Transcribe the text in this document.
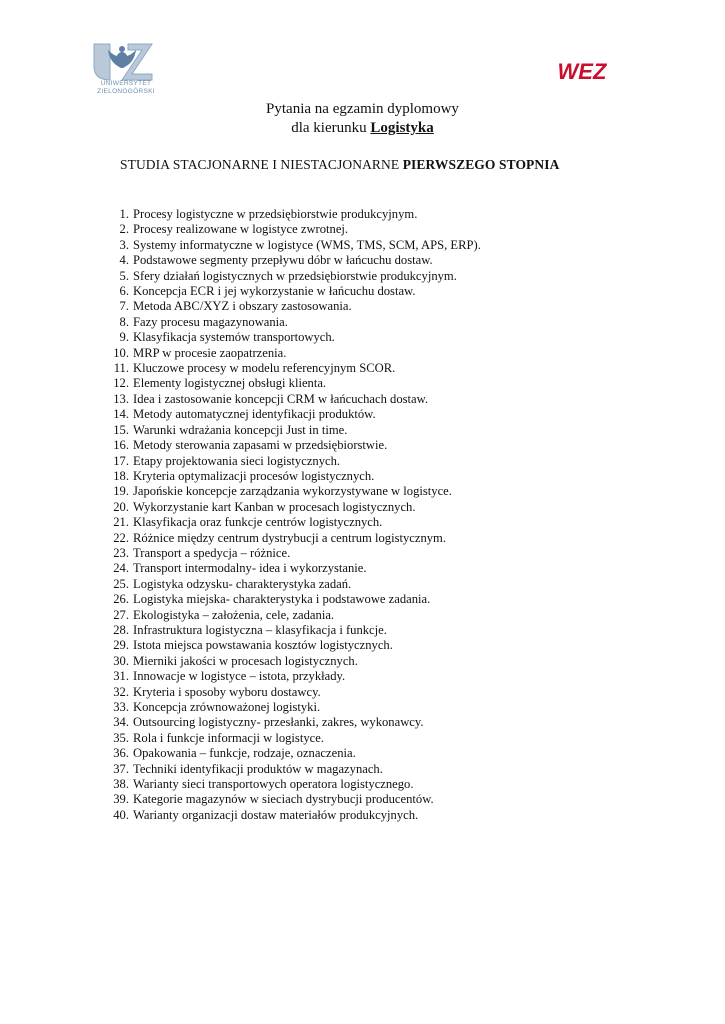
UNIWERSYTET
ZIELONOGÓRSKI
WEZ
Pytania na egzamin dyplomowy
dla kierunku Logistyka
STUDIA STACJONARNE I NIESTACJONARNE PIERWSZEGO STOPNIA
1. Procesy logistyczne w przedsiębiorstwie produkcyjnym.
2. Procesy realizowane w logistyce zwrotnej.
3. Systemy informatyczne w logistyce (WMS, TMS, SCM, APS, ERP).
4. Podstawowe segmenty przepływu dóbr w łańcuchu dostaw.
5. Sfery działań logistycznych w przedsiębiorstwie produkcyjnym.
6. Koncepcja ECR i jej wykorzystanie w łańcuchu dostaw.
7. Metoda ABC/XYZ i obszary zastosowania.
8. Fazy procesu magazynowania.
9. Klasyfikacja systemów transportowych.
10. MRP w procesie zaopatrzenia.
11. Kluczowe procesy w modelu referencyjnym SCOR.
12. Elementy logistycznej obsługi klienta.
13. Idea i zastosowanie koncepcji CRM w łańcuchach dostaw.
14. Metody automatycznej identyfikacji produktów.
15. Warunki wdrażania koncepcji Just in time.
16. Metody sterowania zapasami w przedsiębiorstwie.
17. Etapy projektowania sieci logistycznych.
18. Kryteria optymalizacji procesów logistycznych.
19. Japońskie koncepcje zarządzania wykorzystywane w logistyce.
20. Wykorzystanie kart Kanban w procesach logistycznych.
21. Klasyfikacja oraz funkcje centrów logistycznych.
22. Różnice między centrum dystrybucji a centrum logistycznym.
23. Transport a spedycja – różnice.
24. Transport intermodalny- idea i wykorzystanie.
25. Logistyka odzysku- charakterystyka zadań.
26. Logistyka miejska- charakterystyka i podstawowe zadania.
27. Ekologistyka – założenia, cele, zadania.
28. Infrastruktura logistyczna – klasyfikacja i funkcje.
29. Istota miejsca powstawania kosztów logistycznych.
30. Mierniki jakości w procesach logistycznych.
31. Innowacje w logistyce – istota, przykłady.
32. Kryteria i sposoby wyboru dostawcy.
33. Koncepcja zrównoważonej logistyki.
34. Outsourcing logistyczny- przesłanki, zakres, wykonawcy.
35. Rola i funkcje informacji w logistyce.
36. Opakowania – funkcje, rodzaje, oznaczenia.
37. Techniki identyfikacji produktów w magazynach.
38. Warianty sieci transportowych operatora logistycznego.
39. Kategorie magazynów w sieciach dystrybucji producentów.
40. Warianty organizacji dostaw materiałów produkcyjnych.
